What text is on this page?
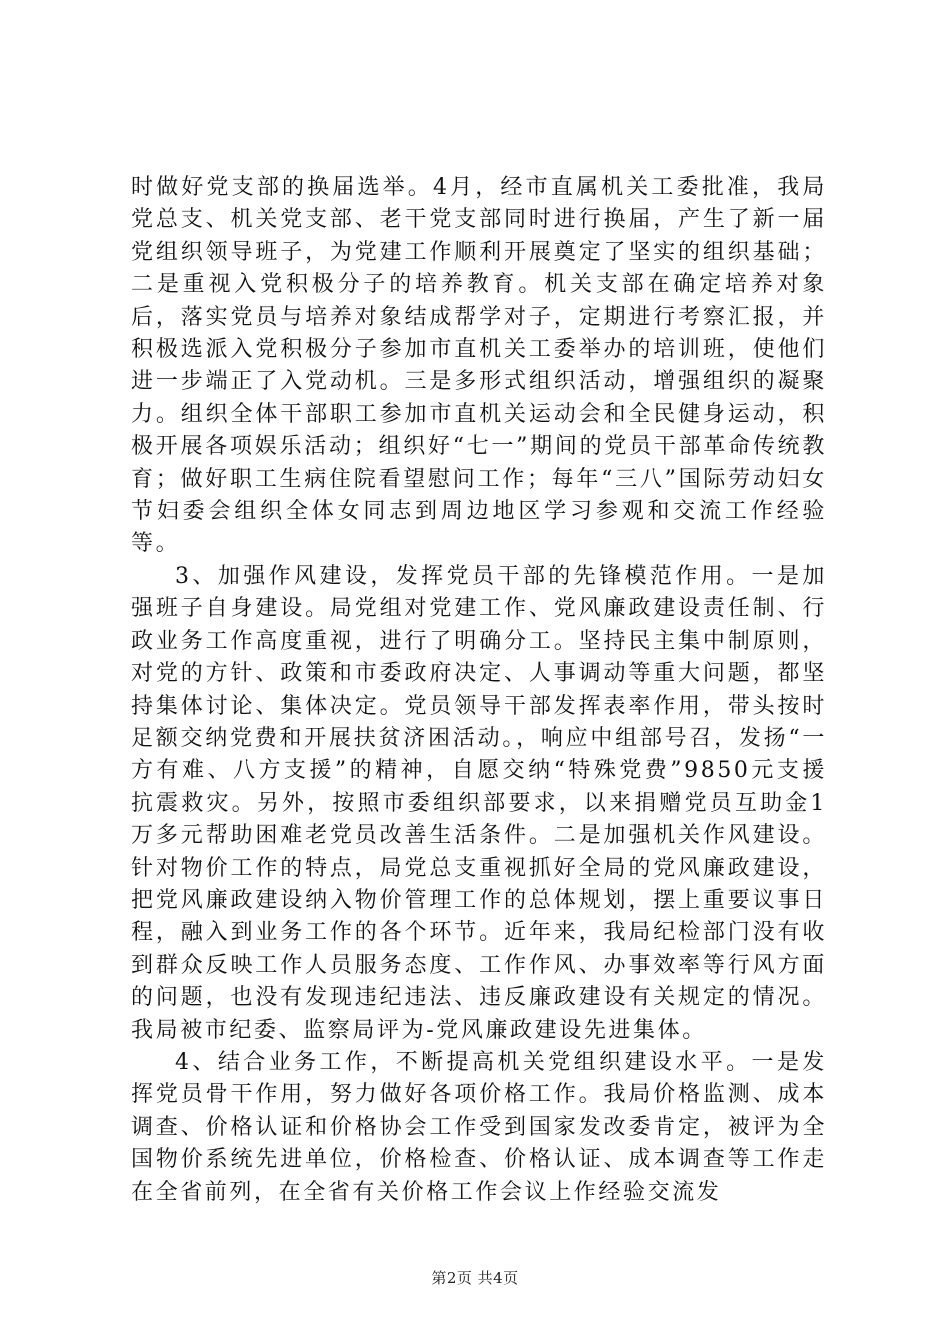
时做好党支部的换届选举。4月，经市直属机关工委批准，我局党总支、机关党支部、老干党支部同时进行换届，产生了新一届党组织领导班子，为党建工作顺利开展奠定了坚实的组织基础；二是重视入党积极分子的培养教育。机关支部在确定培养对象后，落实党员与培养对象结成帮学对子，定期进行考察汇报，并积极选派入党积极分子参加市直机关工委举办的培训班，使他们进一步端正了入党动机。三是多形式组织活动，增强组织的凝聚力。组织全体干部职工参加市直机关运动会和全民健身运动，积极开展各项娱乐活动；组织好“七一”期间的党员干部革命传统教育；做好职工生病住院看望慰问工作；每年“三八”国际劳动妇女节妇委会组织全体女同志到周边地区学习参观和交流工作经验等。

3、加强作风建设，发挥党员干部的先锋模范作用。一是加强班子自身建设。局党组对党建工作、党风廉政建设责任制、行政业务工作高度重视，进行了明确分工。坚持民主集中制原则，对党的方针、政策和市委政府决定、人事调动等重大问题，都坚持集体讨论、集体决定。党员领导干部发挥表率作用，带头按时足额交纳党费和开展扶贫济困活动。，响应中组部号召，发扬“一方有难、八方支援”的精神，自愿交纳“特殊党费”9850元支援抗震救灾。另外，按照市委组织部要求，以来捐赠党员互助金1万多元帮助困难老党员改善生活条件。二是加强机关作风建设。针对物价工作的特点，局党总支重视抓好全局的党风廉政建设，把党风廉政建设纳入物价管理工作的总体规划，摆上重要议事日程，融入到业务工作的各个环节。近年来，我局纪检部门没有收到群众反映工作人员服务态度、工作作风、办事效率等行风方面的问题，也没有发现违纪违法、违反廉政建设有关规定的情况。我局被市纪委、监察局评为-党风廉政建设先进集体。

4、结合业务工作，不断提高机关党组织建设水平。一是发挥党员骨干作用，努力做好各项价格工作。我局价格监测、成本调查、价格认证和价格协会工作受到国家发改委肯定，被评为全国物价系统先进单位，价格检查、价格认证、成本调查等工作走在全省前列，在全省有关价格工作会议上作经验交流发

第2页 共4页
